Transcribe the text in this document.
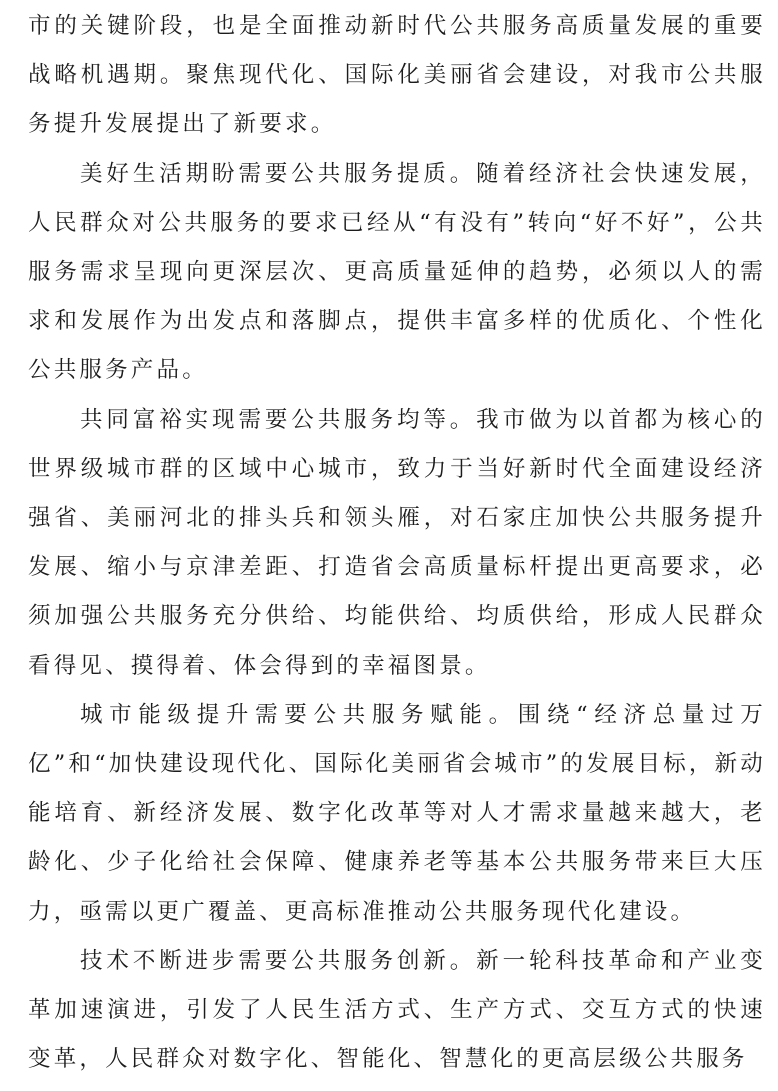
市的关键阶段，也是全面推动新时代公共服务高质量发展的重要战略机遇期。聚焦现代化、国际化美丽省会建设，对我市公共服务提升发展提出了新要求。

美好生活期盼需要公共服务提质。随着经济社会快速发展，人民群众对公共服务的要求已经从“有没有”转向“好不好”，公共服务需求呈现向更深层次、更高质量延伸的趋势，必须以人的需求和发展作为出发点和落脚点，提供丰富多样的优质化、个性化公共服务产品。

共同富裕实现需要公共服务均等。我市做为以首都为核心的世界级城市群的区域中心城市，致力于当好新时代全面建设经济强省、美丽河北的排头兵和领头雁，对石家庄加快公共服务提升发展、缩小与京津差距、打造省会高质量标杆提出更高要求，必须加强公共服务充分供给、均能供给、均质供给，形成人民群众看得见、摸得着、体会得到的幸福图景。

城市能级提升需要公共服务赋能。围绕“经济总量过万亿”和“加快建设现代化、国际化美丽省会城市”的发展目标，新动能培育、新经济发展、数字化改革等对人才需求量越来越大，老龄化、少子化给社会保障、健康养老等基本公共服务带来巨大压力，亟需以更广覆盖、更高标准推动公共服务现代化建设。

技术不断进步需要公共服务创新。新一轮科技革命和产业变革加速演进，引发了人民生活方式、生产方式、交互方式的快速变革，人民群众对数字化、智能化、智慧化的更高层级公共服务
